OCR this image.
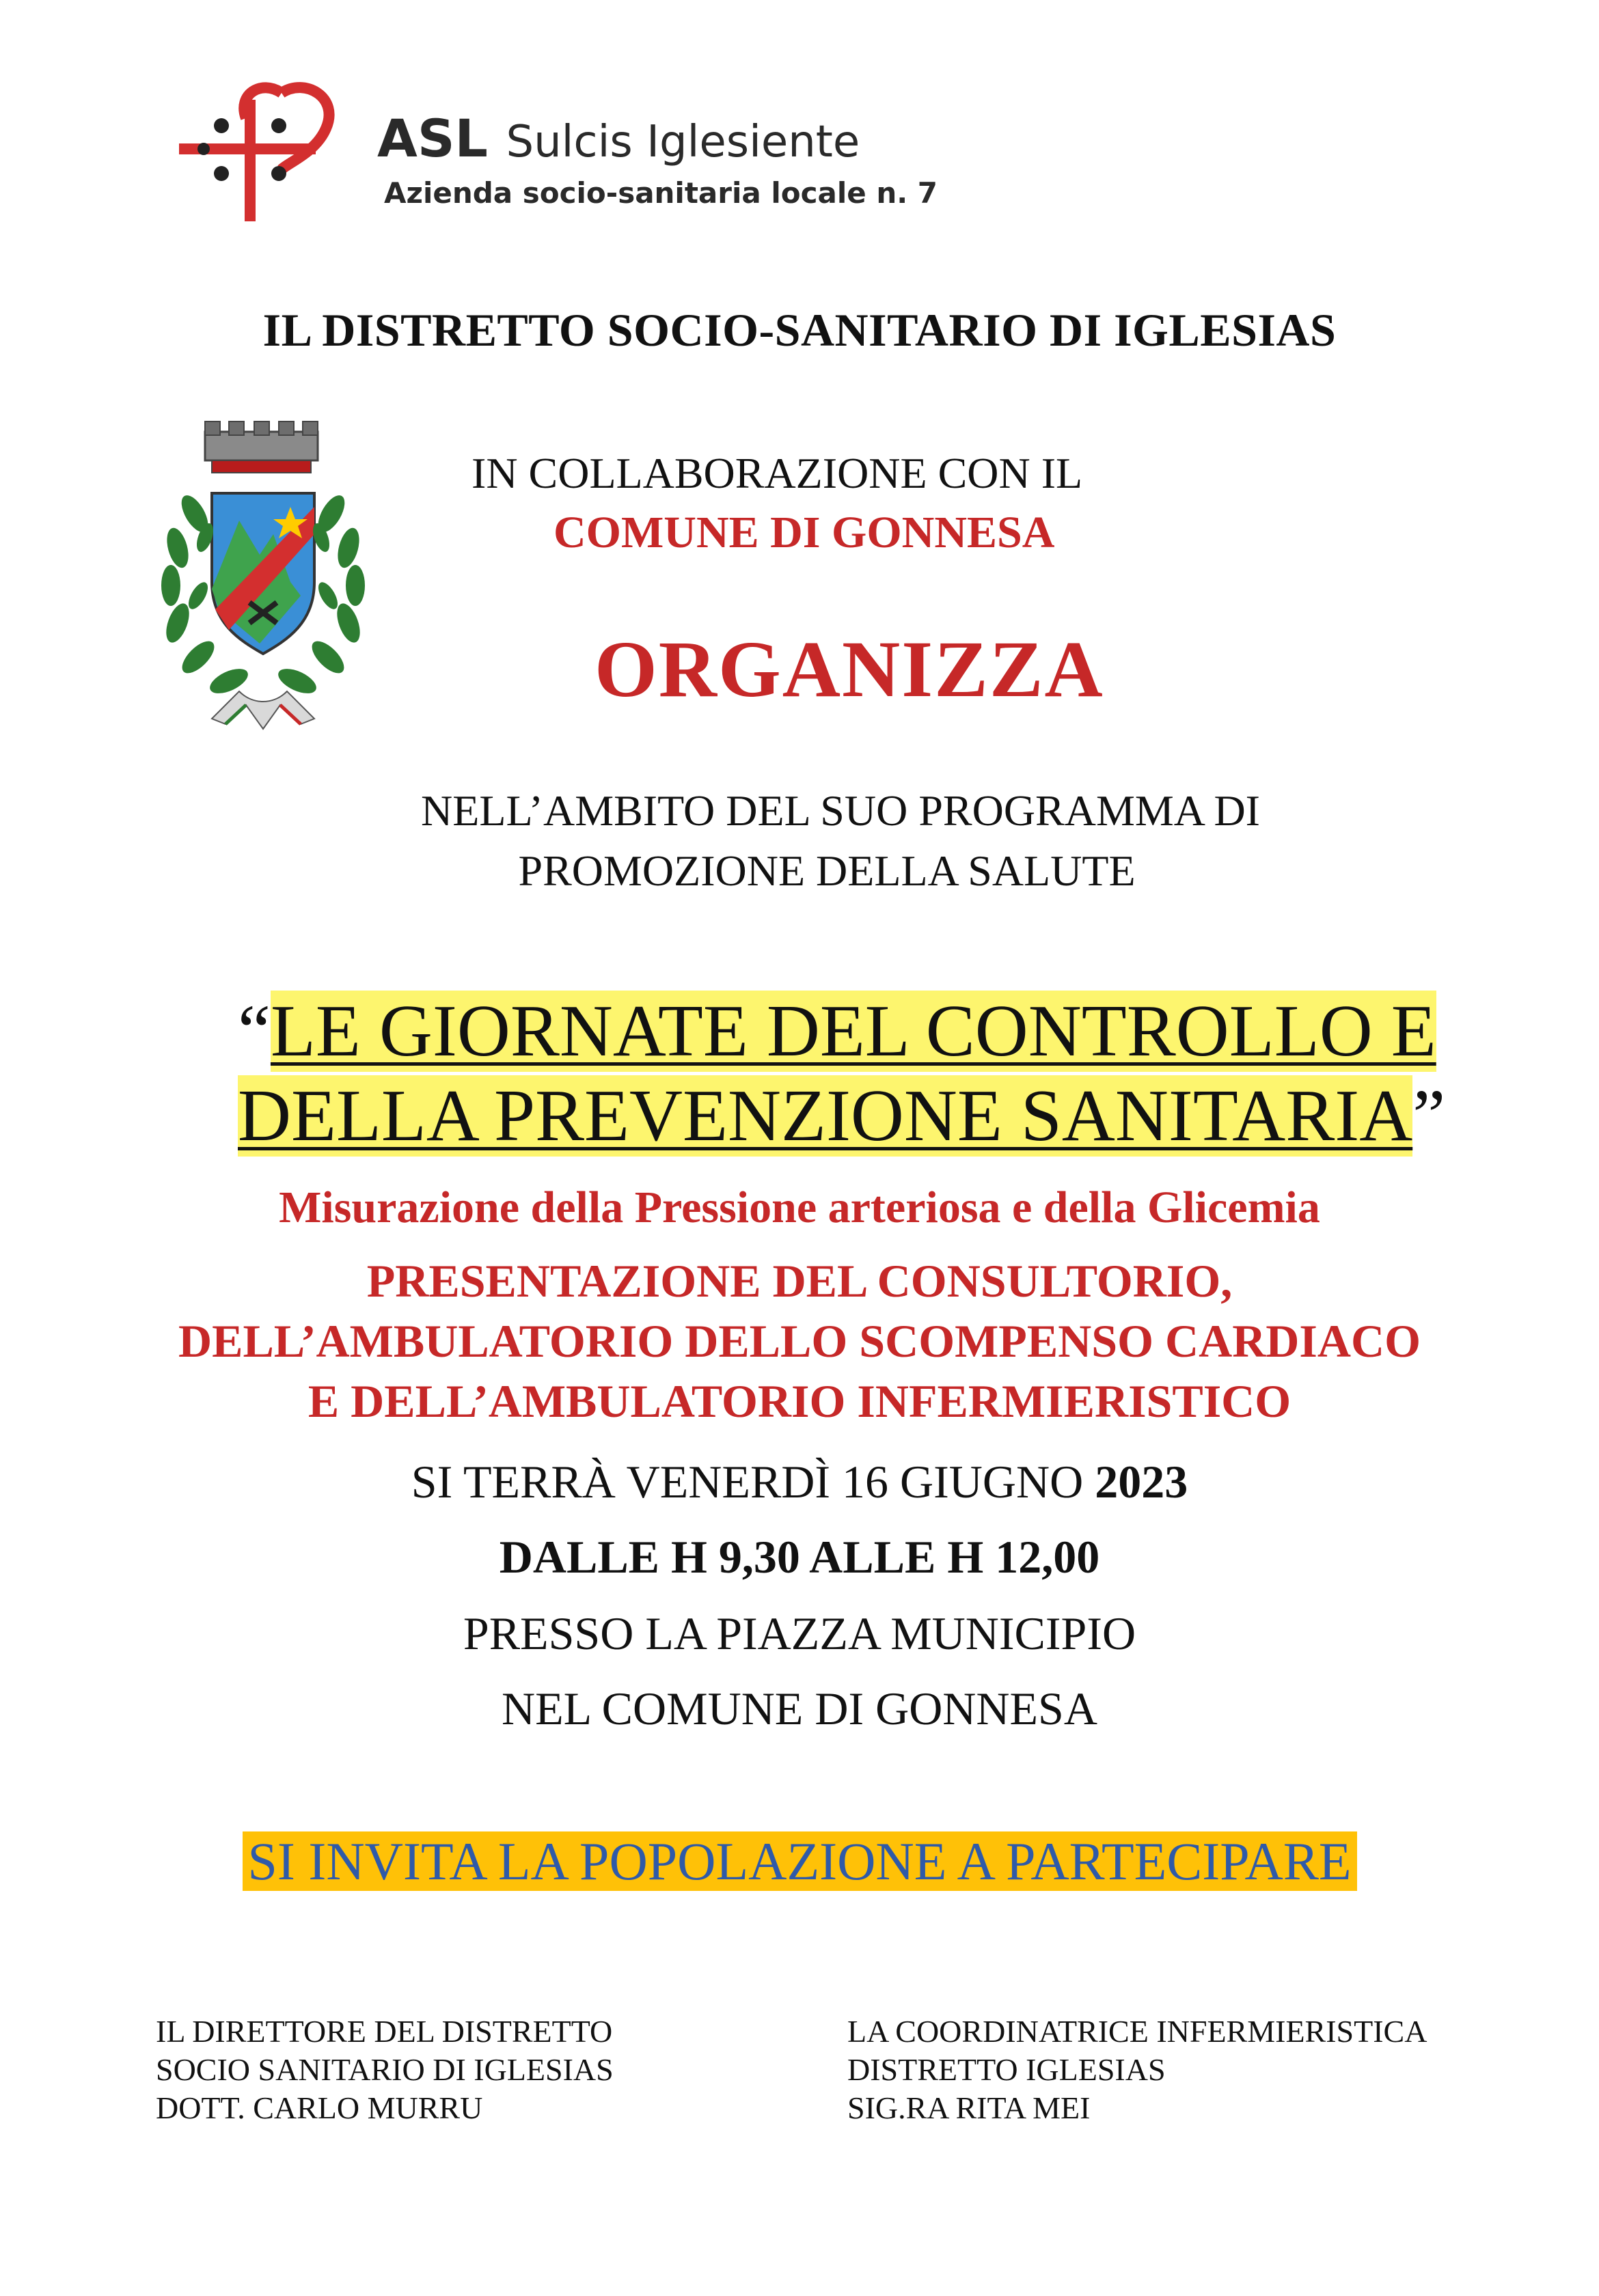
ASL Sulcis Iglesiente
Azienda socio-sanitaria locale n. 7
IL DISTRETTO SOCIO-SANITARIO DI IGLESIAS
IN COLLABORAZIONE CON IL
COMUNE DI GONNESA
ORGANIZZA
NELL’AMBITO DEL SUO PROGRAMMA DI
PROMOZIONE DELLA SALUTE
“LE GIORNATE DEL CONTROLLO E
DELLA PREVENZIONE SANITARIA”
Misurazione della Pressione arteriosa e della Glicemia
PRESENTAZIONE DEL CONSULTORIO,
DELL’AMBULATORIO DELLO SCOMPENSO CARDIACO
E DELL’AMBULATORIO INFERMIERISTICO
SI TERRÀ VENERDÌ 16 GIUGNO 2023
DALLE H 9,30 ALLE H 12,00
PRESSO LA PIAZZA MUNICIPIO
NEL COMUNE DI GONNESA
SI INVITA LA POPOLAZIONE A PARTECIPARE
IL DIRETTORE DEL DISTRETTO
SOCIO SANITARIO DI IGLESIAS
DOTT. CARLO MURRU
LA COORDINATRICE INFERMIERISTICA
DISTRETTO IGLESIAS
SIG.RA RITA MEI
